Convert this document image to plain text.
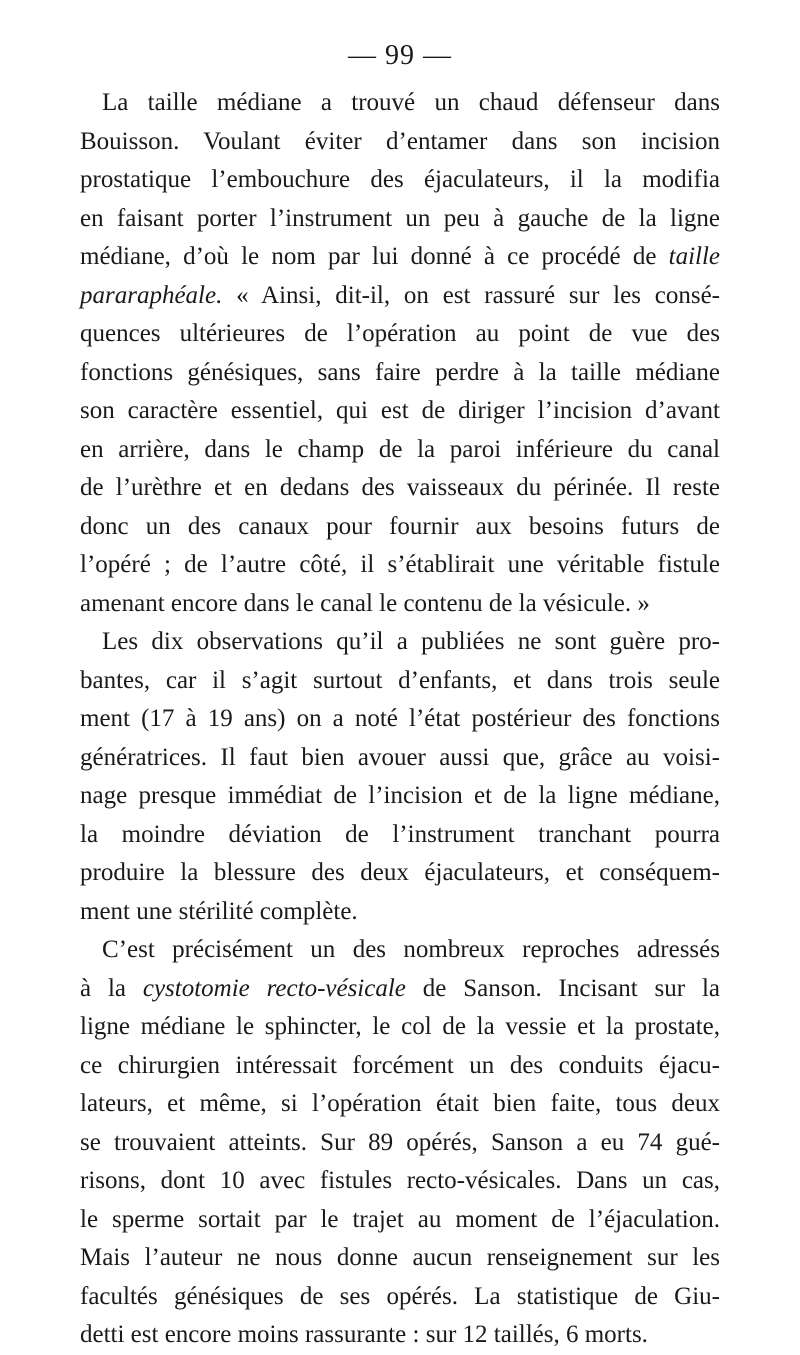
— 99 —
La taille médiane a trouvé un chaud défenseur dans
Bouisson. Voulant éviter d’entamer dans son incision
prostatique l’embouchure des éjaculateurs, il la modifia
en faisant porter l’instrument un peu à gauche de la ligne
médiane, d’où le nom par lui donné à ce procédé de taille
pararaphéale. « Ainsi, dit-il, on est rassuré sur les consé-
quences ultérieures de l’opération au point de vue des
fonctions génésiques, sans faire perdre à la taille médiane
son caractère essentiel, qui est de diriger l’incision d’avant
en arrière, dans le champ de la paroi inférieure du canal
de l’urèthre et en dedans des vaisseaux du périnée. Il reste
donc un des canaux pour fournir aux besoins futurs de
l’opéré ; de l’autre côté, il s’établirait une véritable fistule
amenant encore dans le canal le contenu de la vésicule. »
Les dix observations qu’il a publiées ne sont guère pro-
bantes, car il s’agit surtout d’enfants, et dans trois seule
ment (17 à 19 ans) on a noté l’état postérieur des fonctions
génératrices. Il faut bien avouer aussi que, grâce au voisi-
nage presque immédiat de l’incision et de la ligne médiane,
la moindre déviation de l’instrument tranchant pourra
produire la blessure des deux éjaculateurs, et conséquem-
ment une stérilité complète.
C’est précisément un des nombreux reproches adressés
à la cystotomie recto-vésicale de Sanson. Incisant sur la
ligne médiane le sphincter, le col de la vessie et la prostate,
ce chirurgien intéressait forcément un des conduits éjacu-
lateurs, et même, si l’opération était bien faite, tous deux
se trouvaient atteints. Sur 89 opérés, Sanson a eu 74 gué-
risons, dont 10 avec fistules recto-vésicales. Dans un cas,
le sperme sortait par le trajet au moment de l’éjaculation.
Mais l’auteur ne nous donne aucun renseignement sur les
facultés génésiques de ses opérés. La statistique de Giu-
detti est encore moins rassurante : sur 12 taillés, 6 morts.
